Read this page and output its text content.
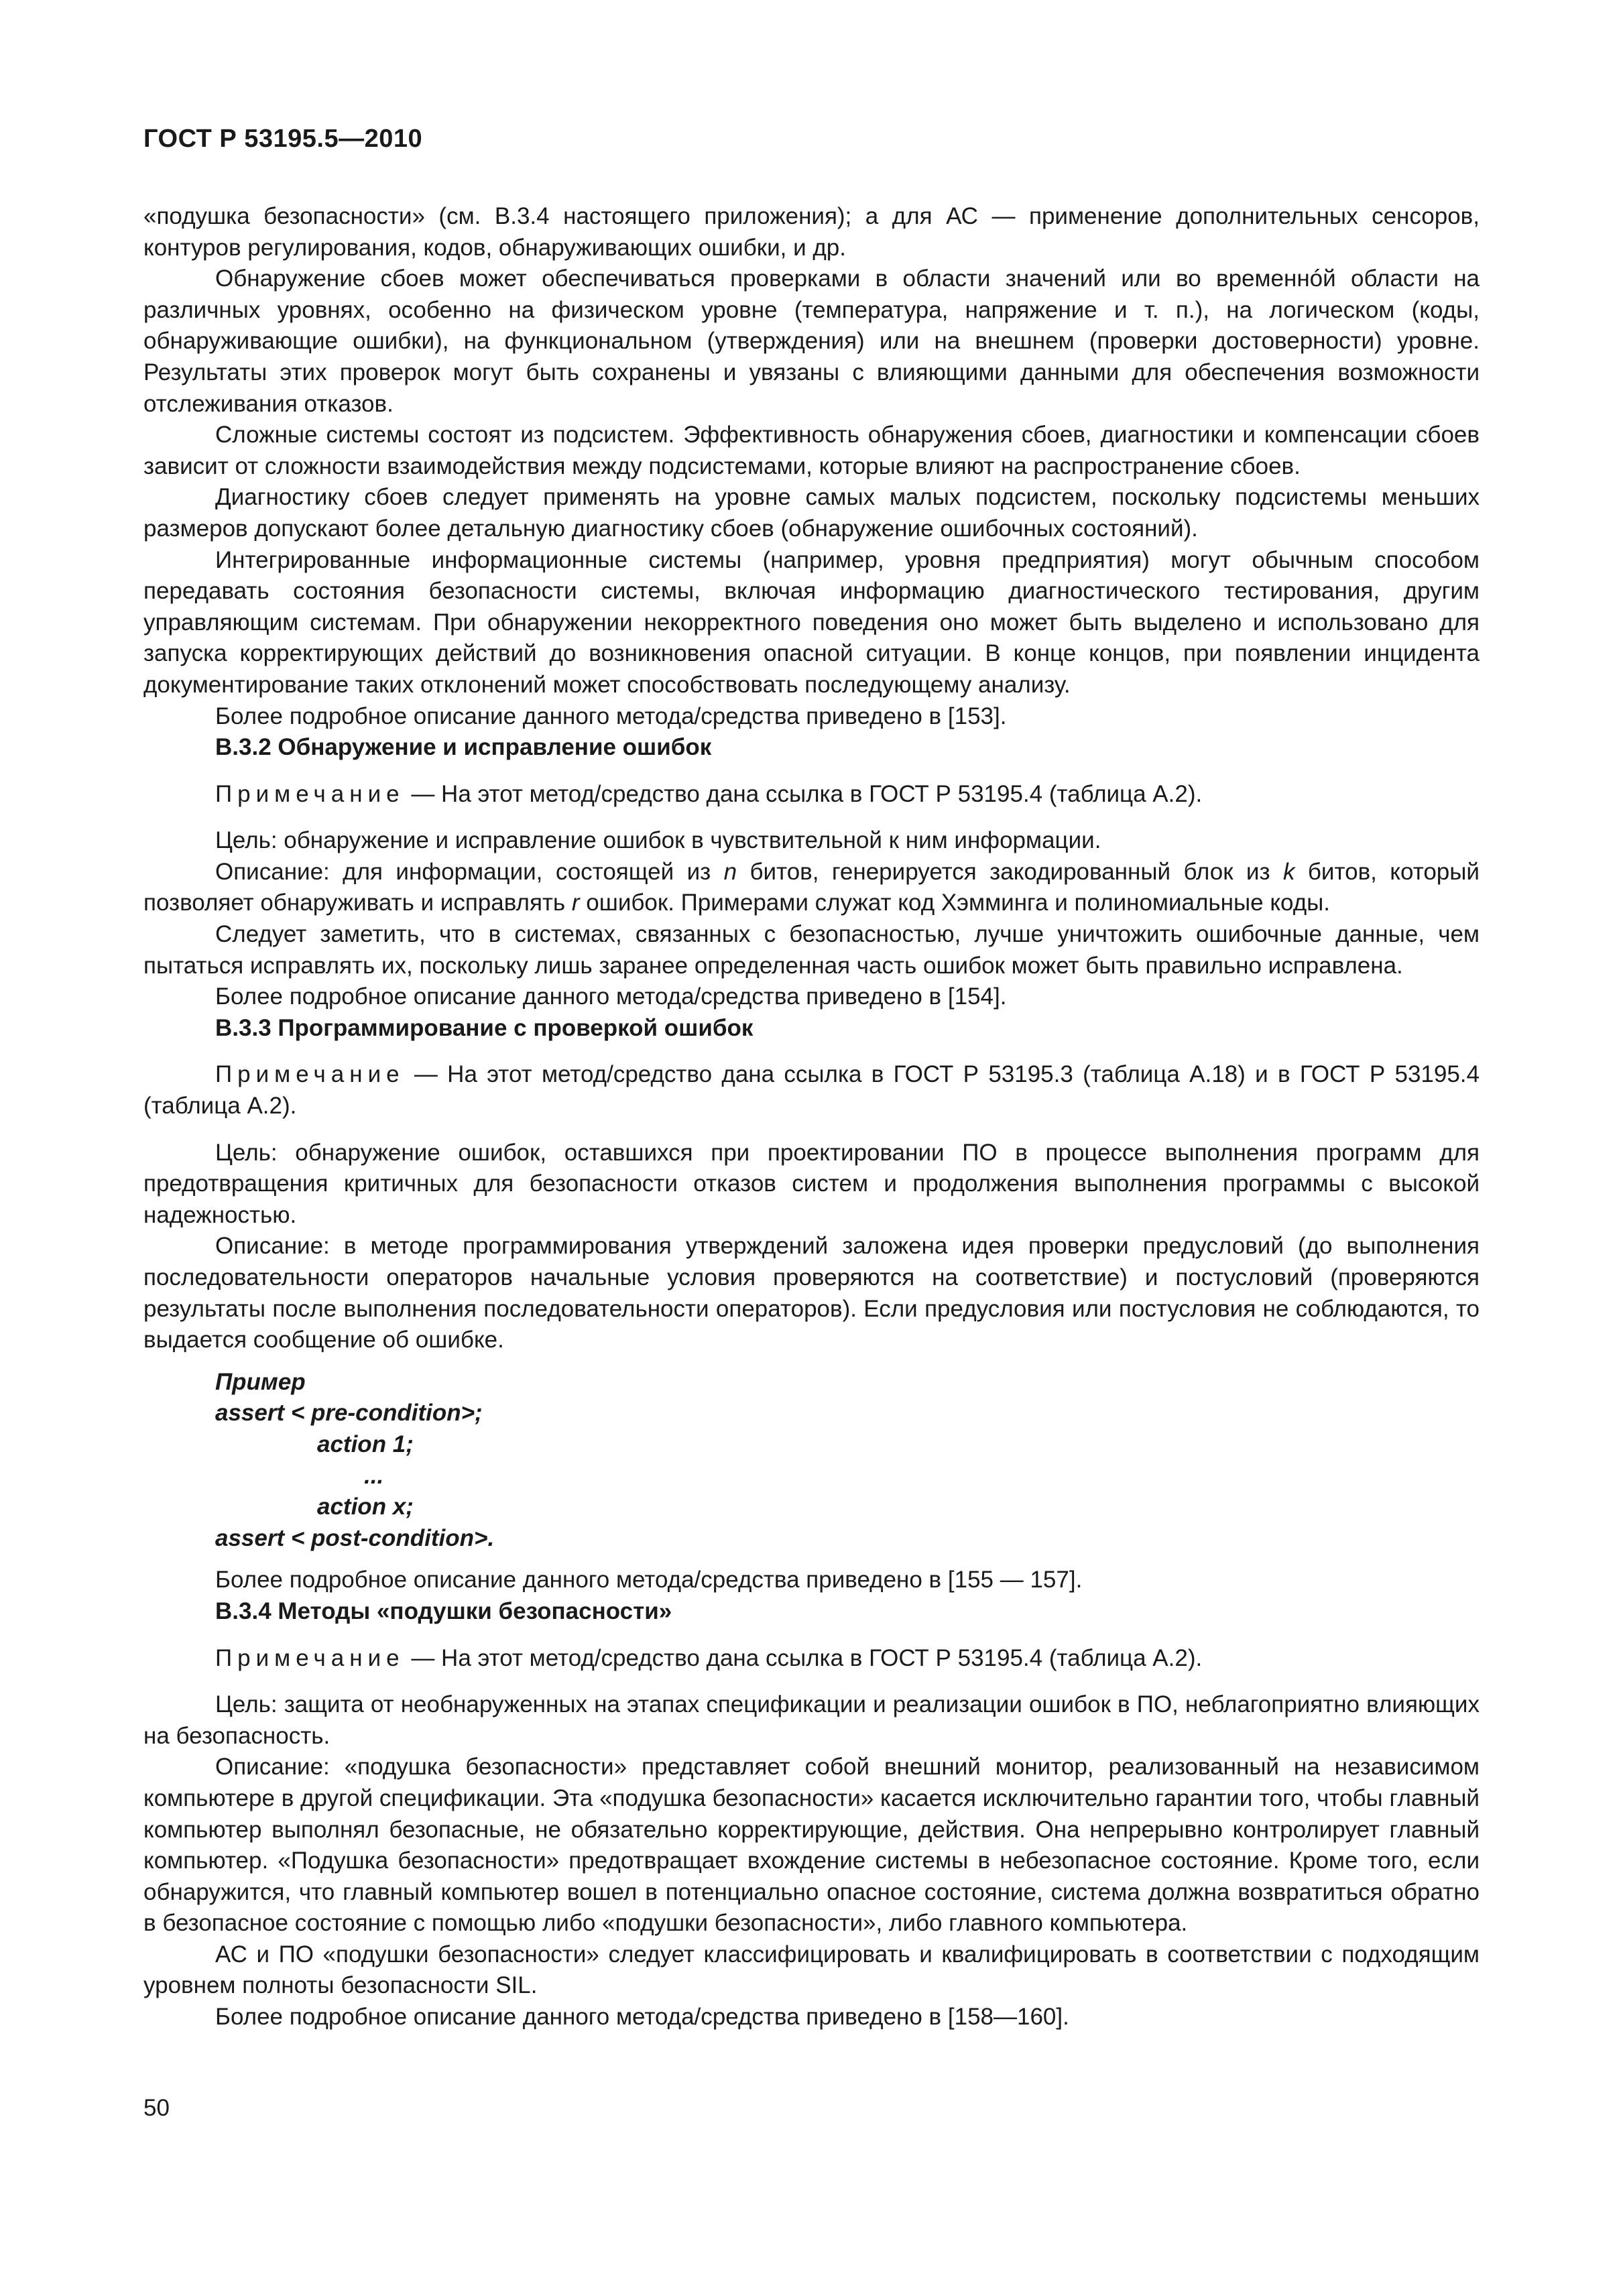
ГОСТ Р 53195.5—2010

«подушка безопасности» (см. В.3.4 настоящего приложения); а для АС — применение дополнительных сенсоров, контуров регулирования, кодов, обнаруживающих ошибки, и др.

Обнаружение сбоев может обеспечиваться проверками в области значений или во временнóй области на различных уровнях, особенно на физическом уровне (температура, напряжение и т. п.), на логическом (коды, обнаруживающие ошибки), на функциональном (утверждения) или на внешнем (проверки достоверности) уровне. Результаты этих проверок могут быть сохранены и увязаны с влияющими данными для обеспечения возможности отслеживания отказов.

Сложные системы состоят из подсистем. Эффективность обнаружения сбоев, диагностики и компенсации сбоев зависит от сложности взаимодействия между подсистемами, которые влияют на распространение сбоев.

Диагностику сбоев следует применять на уровне самых малых подсистем, поскольку подсистемы меньших размеров допускают более детальную диагностику сбоев (обнаружение ошибочных состояний).

Интегрированные информационные системы (например, уровня предприятия) могут обычным способом передавать состояния безопасности системы, включая информацию диагностического тестирования, другим управляющим системам. При обнаружении некорректного поведения оно может быть выделено и использовано для запуска корректирующих действий до возникновения опасной ситуации. В конце концов, при появлении инцидента документирование таких отклонений может способствовать последующему анализу.

Более подробное описание данного метода/средства приведено в [153].

В.3.2 Обнаружение и исправление ошибок

Примечание — На этот метод/средство дана ссылка в ГОСТ Р 53195.4 (таблица А.2).

Цель: обнаружение и исправление ошибок в чувствительной к ним информации.

Описание: для информации, состоящей из n битов, генерируется закодированный блок из k битов, который позволяет обнаруживать и исправлять r ошибок. Примерами служат код Хэмминга и полиномиальные коды.

Следует заметить, что в системах, связанных с безопасностью, лучше уничтожить ошибочные данные, чем пытаться исправлять их, поскольку лишь заранее определенная часть ошибок может быть правильно исправлена.

Более подробное описание данного метода/средства приведено в [154].

В.3.3 Программирование с проверкой ошибок

Примечание — На этот метод/средство дана ссылка в ГОСТ Р 53195.3 (таблица А.18) и в ГОСТ Р 53195.4 (таблица А.2).

Цель: обнаружение ошибок, оставшихся при проектировании ПО в процессе выполнения программ для предотвращения критичных для безопасности отказов систем и продолжения выполнения программы с высокой надежностью.

Описание: в методе программирования утверждений заложена идея проверки предусловий (до выполнения последовательности операторов начальные условия проверяются на соответствие) и постусловий (проверяются результаты после выполнения последовательности операторов). Если предусловия или постусловия не соблюдаются, то выдается сообщение об ошибке.

Пример
assert < pre-condition>;
action 1;
...
action x;
assert < post-condition>.

Более подробное описание данного метода/средства приведено в [155 — 157].

В.3.4 Методы «подушки безопасности»

Примечание — На этот метод/средство дана ссылка в ГОСТ Р 53195.4 (таблица А.2).

Цель: защита от необнаруженных на этапах спецификации и реализации ошибок в ПО, неблагоприятно влияющих на безопасность.

Описание: «подушка безопасности» представляет собой внешний монитор, реализованный на независимом компьютере в другой спецификации. Эта «подушка безопасности» касается исключительно гарантии того, чтобы главный компьютер выполнял безопасные, не обязательно корректирующие, действия. Она непрерывно контролирует главный компьютер. «Подушка безопасности» предотвращает вхождение системы в небезопасное состояние. Кроме того, если обнаружится, что главный компьютер вошел в потенциально опасное состояние, система должна возвратиться обратно в безопасное состояние с помощью либо «подушки безопасности», либо главного компьютера.

АС и ПО «подушки безопасности» следует классифицировать и квалифицировать в соответствии с подходящим уровнем полноты безопасности SIL.

Более подробное описание данного метода/средства приведено в [158—160].

50
